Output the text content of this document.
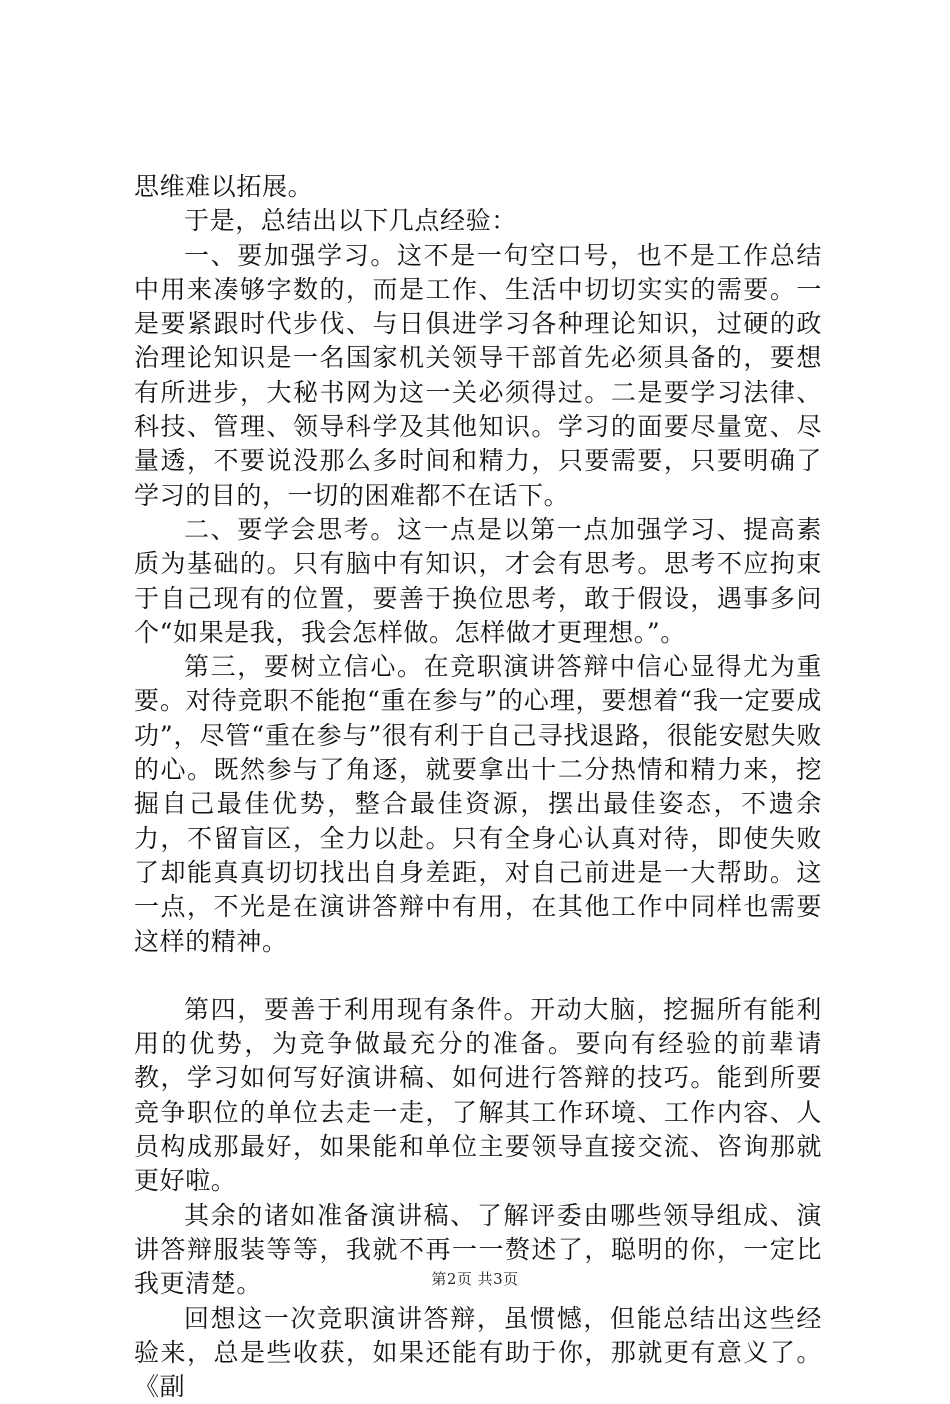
思维难以拓展。

于是，总结出以下几点经验：

一、要加强学习。这不是一句空口号，也不是工作总结中用来凑够字数的，而是工作、生活中切切实实的需要。一是要紧跟时代步伐、与日俱进学习各种理论知识，过硬的政治理论知识是一名国家机关领导干部首先必须具备的，要想有所进步，大秘书网为这一关必须得过。二是要学习法律、科技、管理、领导科学及其他知识。学习的面要尽量宽、尽量透，不要说没那么多时间和精力，只要需要，只要明确了学习的目的，一切的困难都不在话下。

二、要学会思考。这一点是以第一点加强学习、提高素质为基础的。只有脑中有知识，才会有思考。思考不应拘束于自己现有的位置，要善于换位思考，敢于假设，遇事多问个“如果是我，我会怎样做。怎样做才更理想。”。

第三，要树立信心。在竞职演讲答辩中信心显得尤为重要。对待竞职不能抱“重在参与”的心理，要想着“我一定要成功”，尽管“重在参与”很有利于自己寻找退路，很能安慰失败的心。既然参与了角逐，就要拿出十二分热情和精力来，挖掘自己最佳优势，整合最佳资源，摆出最佳姿态，不遗余力，不留盲区，全力以赴。只有全身心认真对待，即使失败了却能真真切切找出自身差距，对自己前进是一大帮助。这一点，不光是在演讲答辩中有用，在其他工作中同样也需要这样的精神。

第四，要善于利用现有条件。开动大脑，挖掘所有能利用的优势，为竞争做最充分的准备。要向有经验的前辈请教，学习如何写好演讲稿、如何进行答辩的技巧。能到所要竞争职位的单位去走一走，了解其工作环境、工作内容、人员构成那最好，如果能和单位主要领导直接交流、咨询那就更好啦。

其余的诸如准备演讲稿、了解评委由哪些领导组成、演讲答辩服装等等，我就不再一一赘述了，聪明的你，一定比我更清楚。

回想这一次竞职演讲答辩，虽惯憾，但能总结出这些经验来，总是些收获，如果还能有助于你，那就更有意义了。《副

第2页 共3页
